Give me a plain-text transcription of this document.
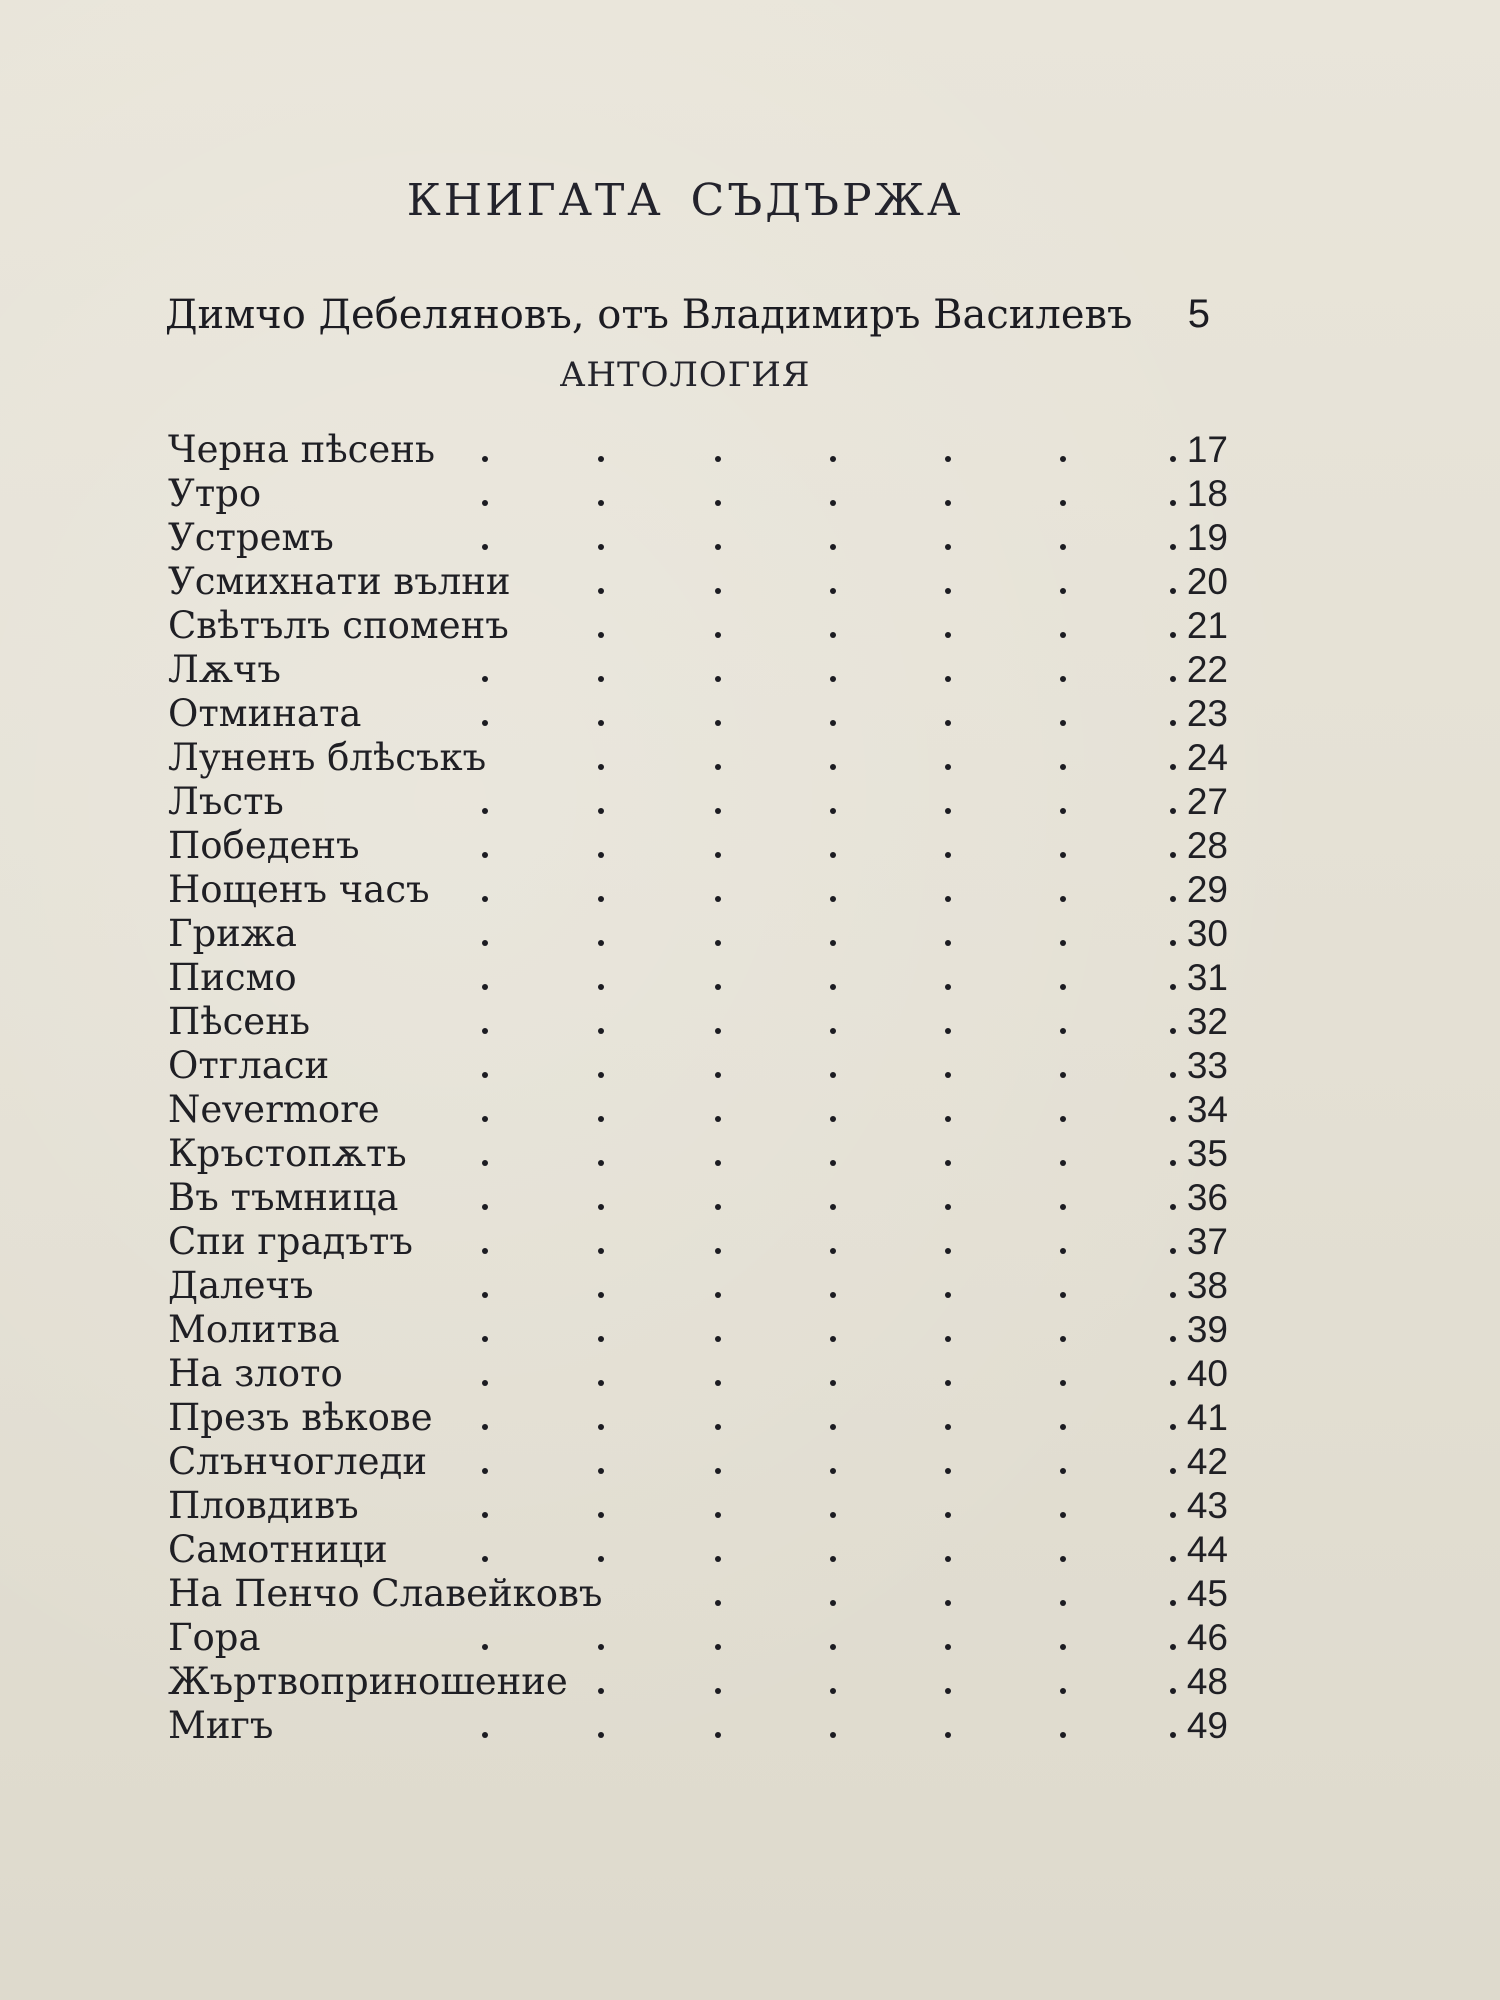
КНИГАТА СЪДЪРЖА
Димчо Дебеляновъ, отъ Владимиръ Василевъ 5
АНТОЛОГИЯ
Черна пѣсень	17
Утро	18
Устремъ	19
Усмихнати вълни	20
Свѣтълъ споменъ	21
Лѫчъ	22
Отмината	23
Луненъ блѣсъкъ	24
Лъсть	27
Победенъ	28
Нощенъ часъ	29
Грижа	30
Писмо	31
Пѣсень	32
Отгласи	33
Nevermore	34
Кръстопѫть	35
Въ тъмница	36
Спи градътъ	37
Далечъ	38
Молитва	39
На злото	40
Презъ вѣкове	41
Слънчогледи	42
Пловдивъ	43
Самотници	44
На Пенчо Славейковъ	45
Гора	46
Жъртвоприношение	48
Мигъ	49
